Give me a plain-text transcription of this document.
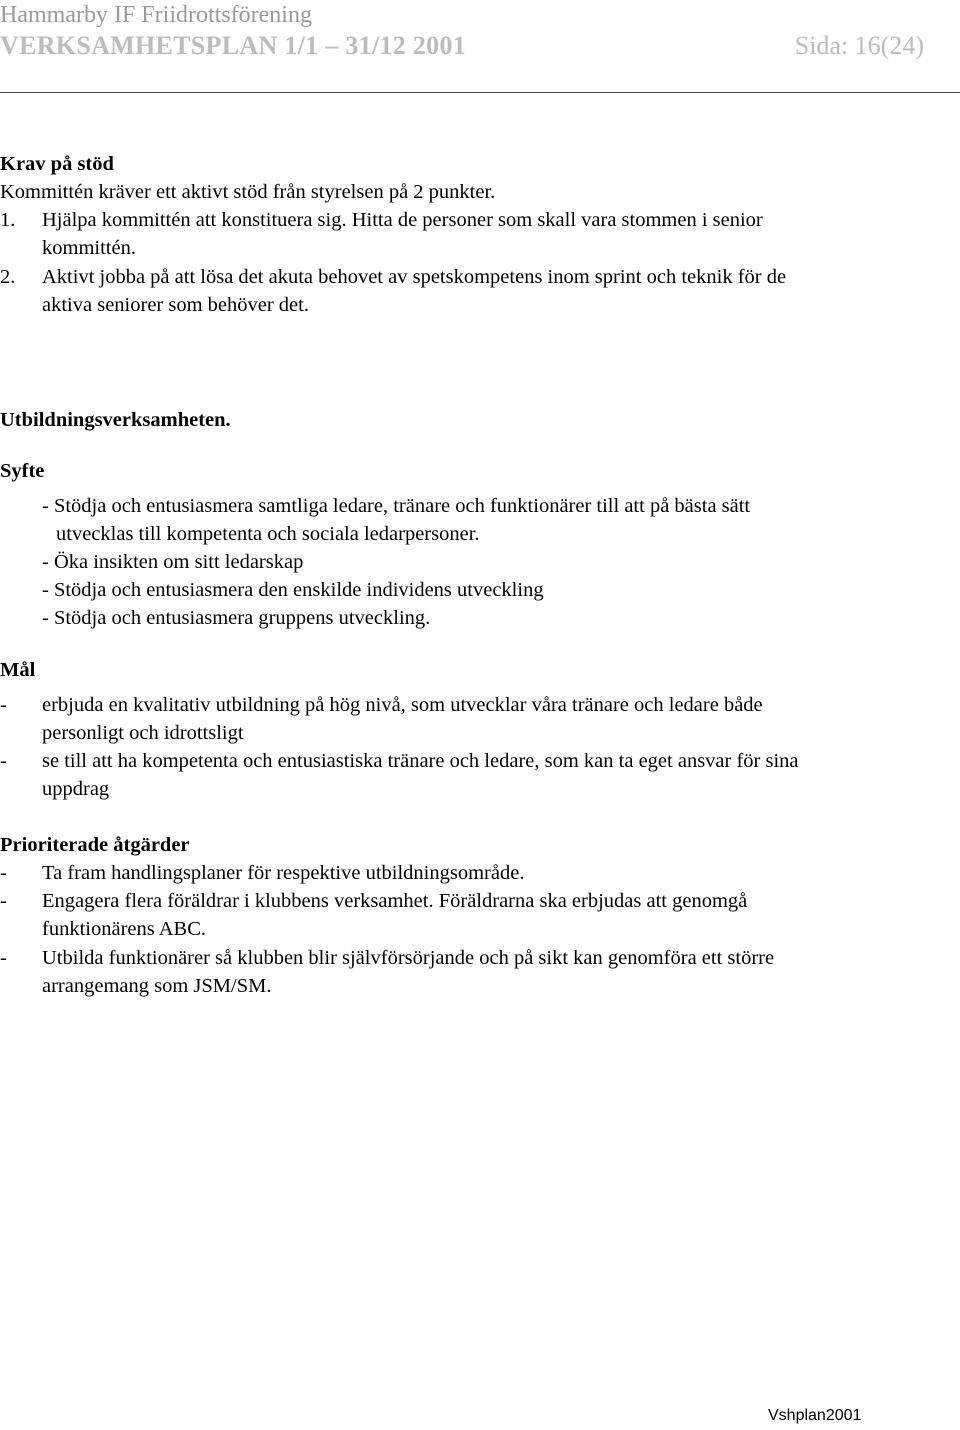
Hammarby IF Friidrottsförening
VERKSAMHETSPLAN 1/1 – 31/12 2001	Sida: 16(24)
Krav på stöd
Kommittén kräver ett aktivt stöd från styrelsen på 2 punkter.
1. Hjälpa kommittén att konstituera sig. Hitta de personer som skall vara stommen i senior
kommittén.
2. Aktivt jobba på att lösa det akuta behovet av spetskompetens inom sprint och teknik för de
aktiva seniorer som behöver det.
Utbildningsverksamheten.
Syfte
- Stödja och entusiasmera samtliga ledare, tränare och funktionärer till att på bästa sätt
utvecklas till kompetenta och sociala ledarpersoner.
- Öka insikten om sitt ledarskap
- Stödja och entusiasmera den enskilde individens utveckling
- Stödja och entusiasmera gruppens utveckling.
Mål
- erbjuda en kvalitativ utbildning på hög nivå, som utvecklar våra tränare och ledare både
personligt och idrottsligt
- se till att ha kompetenta och entusiastiska tränare och ledare, som kan ta eget ansvar för sina
uppdrag
Prioriterade åtgärder
- Ta fram handlingsplaner för respektive utbildningsområde.
- Engagera flera föräldrar i klubbens verksamhet. Föräldrarna ska erbjudas att genomgå
funktionärens ABC.
- Utbilda funktionärer så klubben blir självförsörjande och på sikt kan genomföra ett större
arrangemang som JSM/SM.
Vshplan2001
